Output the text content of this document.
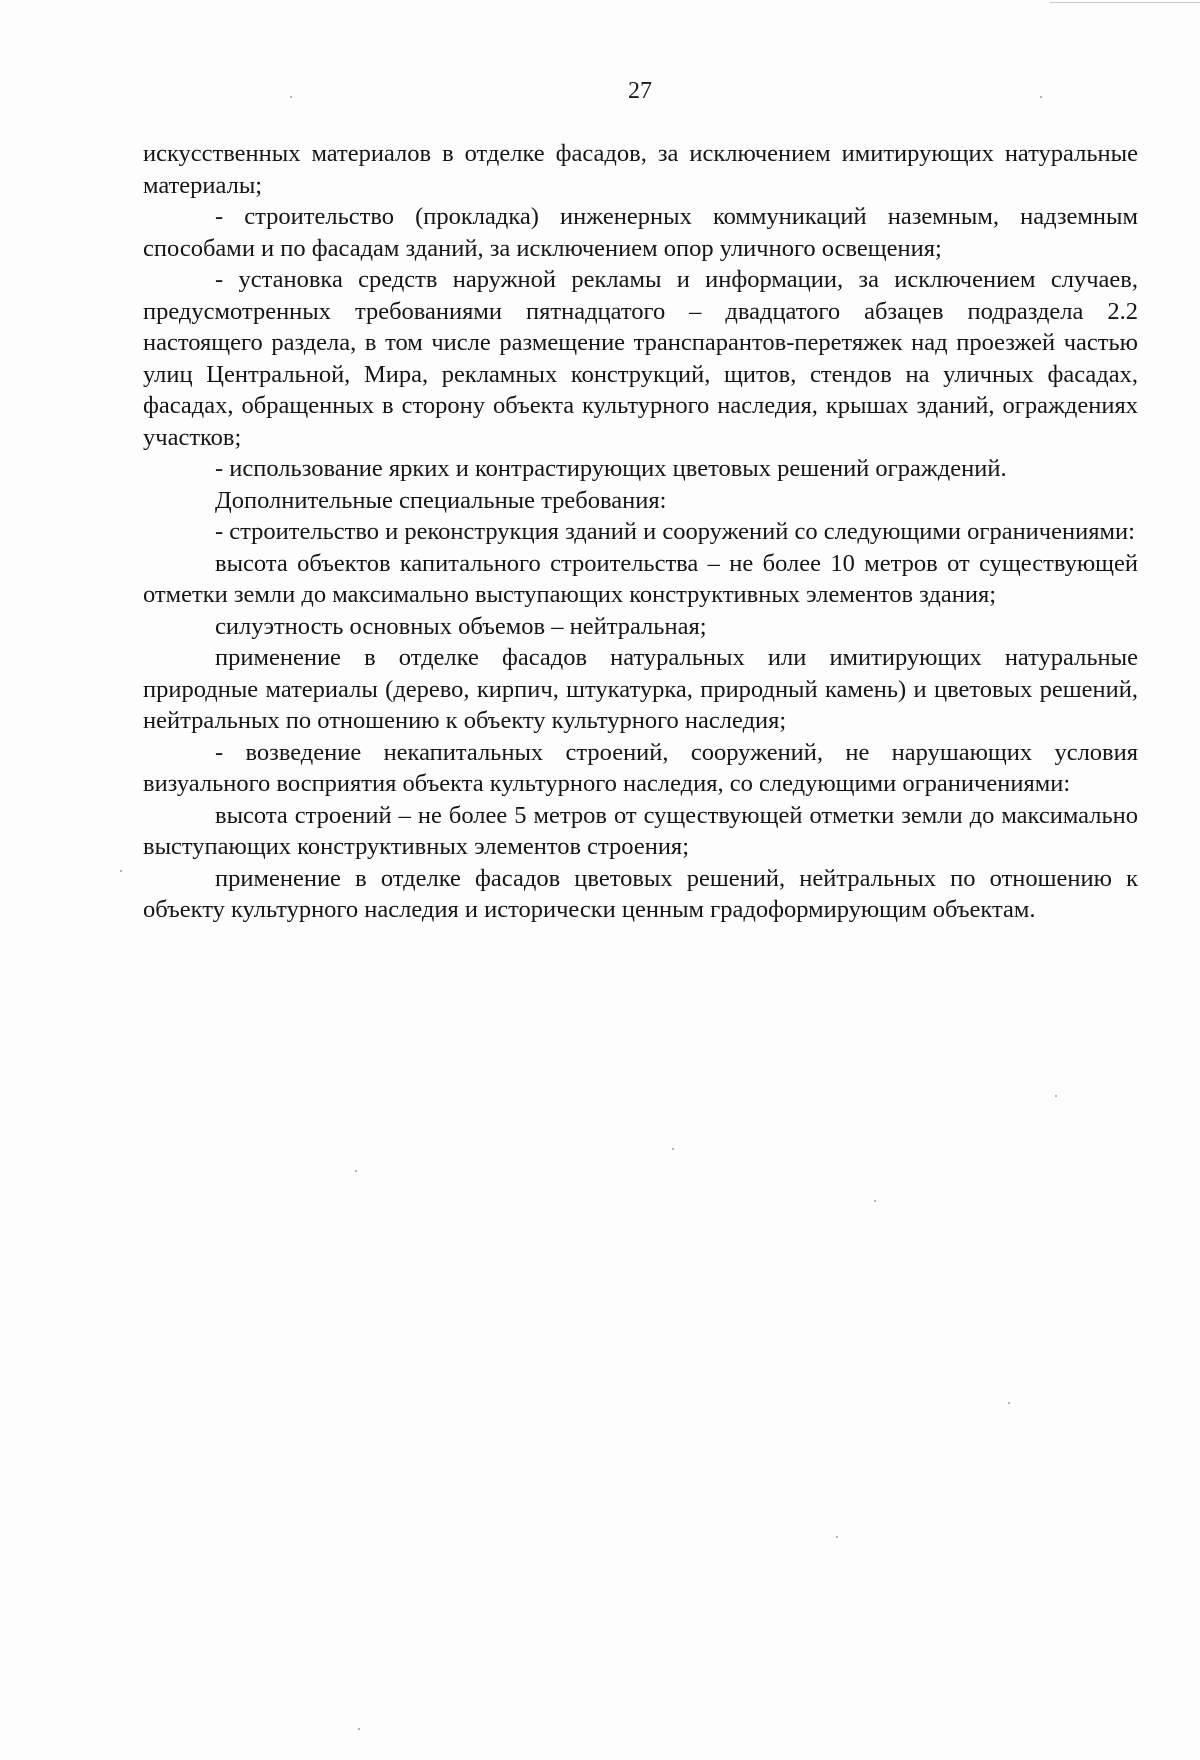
27

искусственных материалов в отделке фасадов, за исключением имитирующих натуральные материалы;

- строительство (прокладка) инженерных коммуникаций наземным, надземным способами и по фасадам зданий, за исключением опор уличного освещения;

- установка средств наружной рекламы и информации, за исключением случаев, предусмотренных требованиями пятнадцатого – двадцатого абзацев подраздела 2.2 настоящего раздела, в том числе размещение транспарантов-перетяжек над проезжей частью улиц Центральной, Мира, рекламных конструкций, щитов, стендов на уличных фасадах, фасадах, обращенных в сторону объекта культурного наследия, крышах зданий, ограждениях участков;

- использование ярких и контрастирующих цветовых решений ограждений.

Дополнительные специальные требования:

- строительство и реконструкция зданий и сооружений со следующими ограничениями:

высота объектов капитального строительства – не более 10 метров от существующей отметки земли до максимально выступающих конструктивных элементов здания;

силуэтность основных объемов – нейтральная;

применение в отделке фасадов натуральных или имитирующих натуральные природные материалы (дерево, кирпич, штукатурка, природный камень) и цветовых решений, нейтральных по отношению к объекту культурного наследия;

- возведение некапитальных строений, сооружений, не нарушающих условия визуального восприятия объекта культурного наследия, со следующими ограничениями:

высота строений – не более 5 метров от существующей отметки земли до максимально выступающих конструктивных элементов строения;

применение в отделке фасадов цветовых решений, нейтральных по отношению к объекту культурного наследия и исторически ценным градоформирующим объектам.
